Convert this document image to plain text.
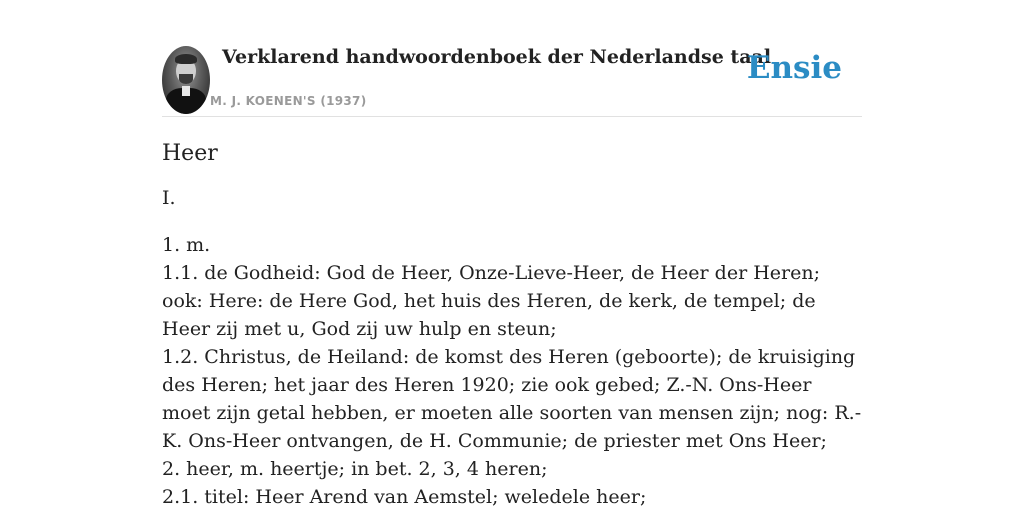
Verklarend handwoordenboek der Nederlandse taal
M. J. KOENEN'S (1937)
Ensie
Heer
I.

1. m.

1.1. de Godheid: God de Heer, Onze-Lieve-Heer, de Heer der Heren; ook: Here: de Here God, het huis des Heren, de kerk, de tempel; de Heer zij met u, God zij uw hulp en steun;

1.2. Christus, de Heiland: de komst des Heren (geboorte); de kruisiging des Heren; het jaar des Heren 1920; zie ook gebed; Z.-N. Ons-Heer moet zijn getal hebben, er moeten alle soorten van mensen zijn; nog: R.-K. Ons-Heer ontvangen, de H. Communie; de priester met Ons Heer;

2. heer, m. heertje; in bet. 2, 3, 4 heren;

2.1. titel: Heer Arend van Aemstel; weledele heer;
